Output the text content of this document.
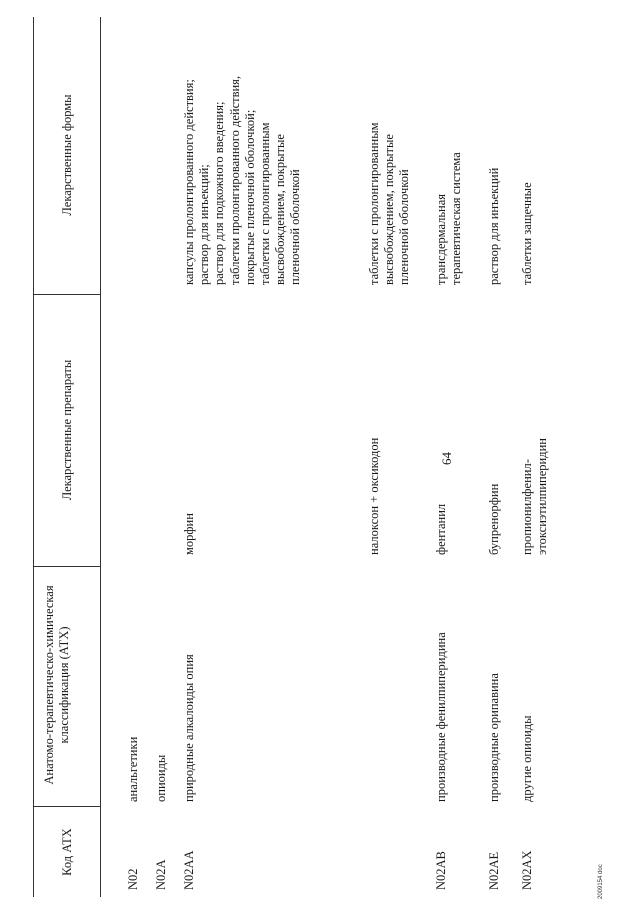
64
Код АТХ
Анатомо-терапевтическо-химическая классификация (АТХ)
Лекарственные препараты
Лекарственные формы
N02
анальгетики
N02A
опиоиды
N02AA
природные алкалоиды опия
морфин
капсулы пролонгированного действия;
раствор для инъекций;
раствор для подкожного введения;
таблетки пролонгированного действия, покрытые пленочной оболочкой;
таблетки с пролонгированным высвобождением, покрытые пленочной оболочкой
налоксон + оксикодон
таблетки с пролонгированным высвобождением, покрытые пленочной оболочкой
N02AB
производные фенилпиперидина
фентанил
трансдермальная терапевтическая система
N02AE
производные орипавина
бупренорфин
раствор для инъекций
N02AX
другие опиоиды
пропионилфенил-этоксиэтилпиперидин
таблетки защечные
2009154 doc
